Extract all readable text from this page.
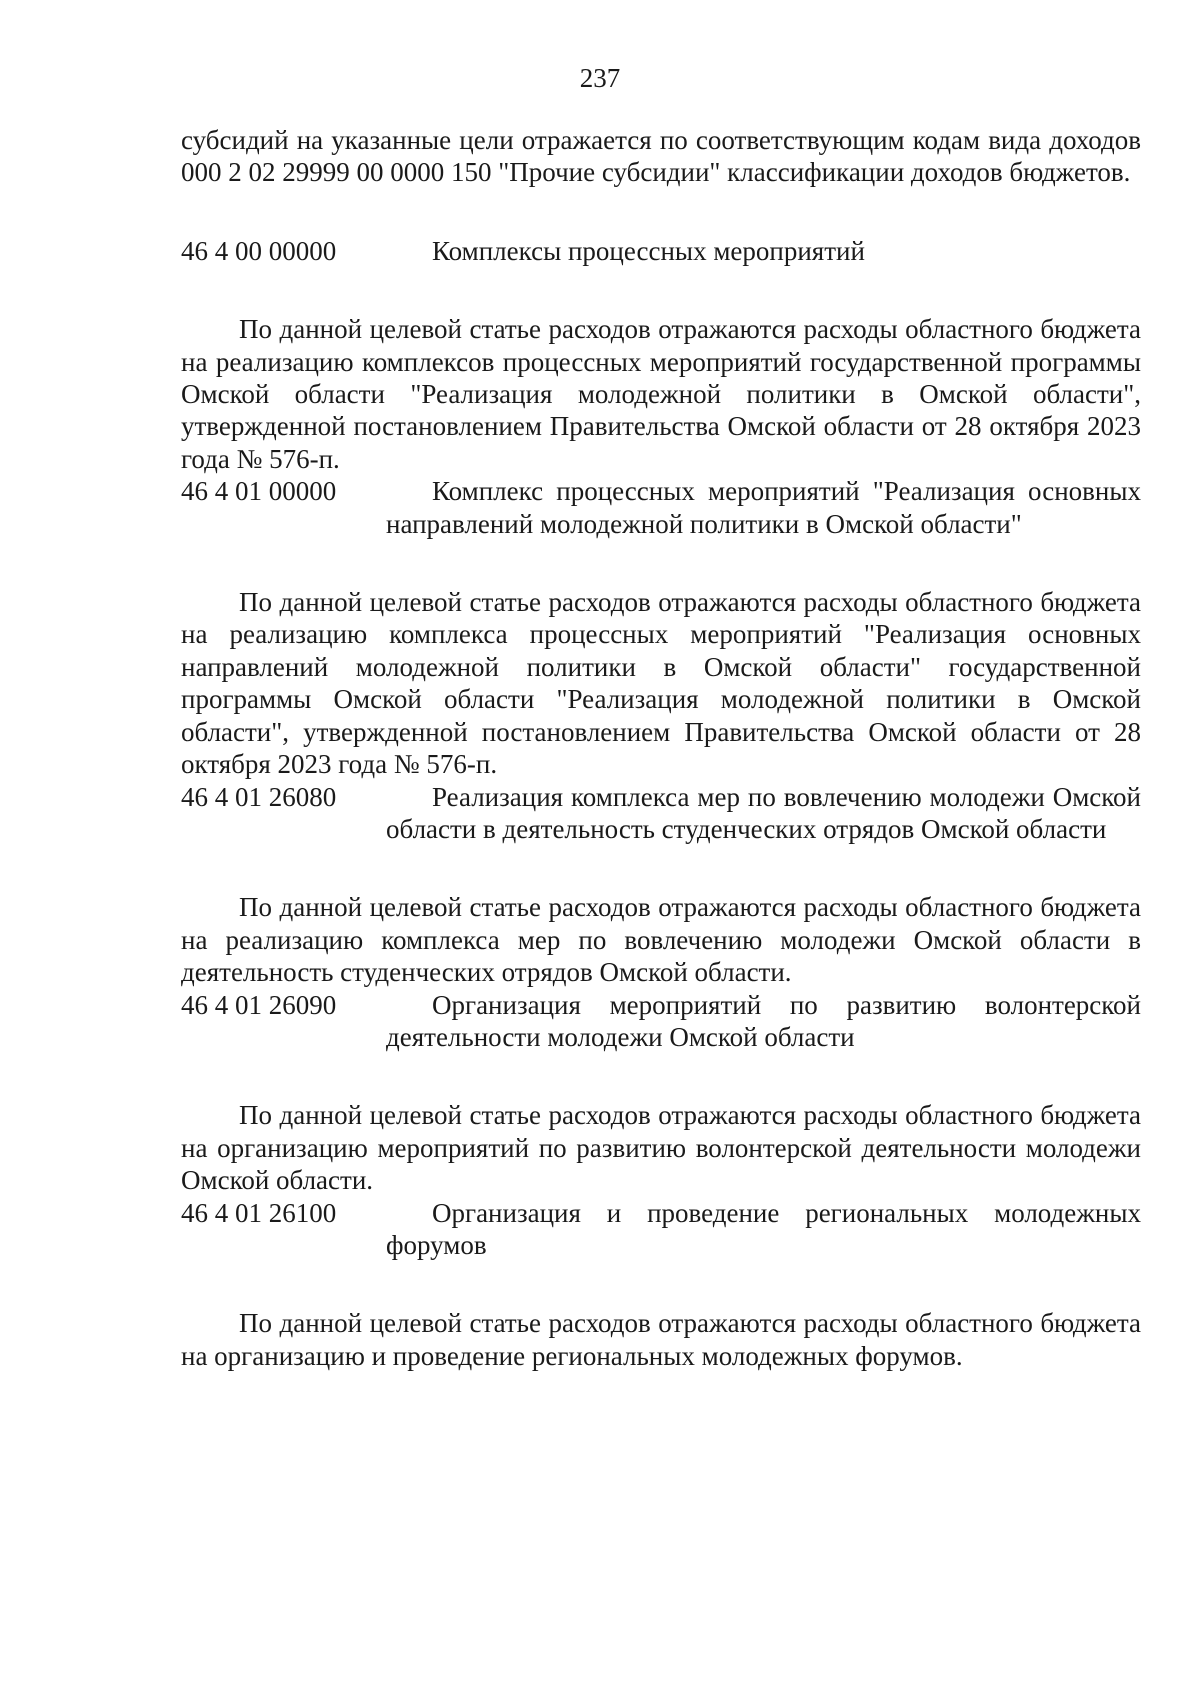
237

субсидий на указанные цели отражается по соответствующим кодам вида доходов 000 2 02 29999 00 0000 150 "Прочие субсидии" классификации доходов бюджетов.

46 4 00 00000	Комплексы процессных мероприятий

По данной целевой статье расходов отражаются расходы областного бюджета на реализацию комплексов процессных мероприятий государственной программы Омской области "Реализация молодежной политики в Омской области", утвержденной постановлением Правительства Омской области от 28 октября 2023 года № 576-п.

46 4 01 00000	Комплекс процессных мероприятий "Реализация основных направлений молодежной политики в Омской области"

По данной целевой статье расходов отражаются расходы областного бюджета на реализацию комплекса процессных мероприятий "Реализация основных направлений молодежной политики в Омской области" государственной программы Омской области "Реализация молодежной политики в Омской области", утвержденной постановлением Правительства Омской области от 28 октября 2023 года № 576-п.

46 4 01 26080	Реализация комплекса мер по вовлечению молодежи Омской области в деятельность студенческих отрядов Омской области

По данной целевой статье расходов отражаются расходы областного бюджета на реализацию комплекса мер по вовлечению молодежи Омской области в деятельность студенческих отрядов Омской области.

46 4 01 26090	Организация мероприятий по развитию волонтерской деятельности молодежи Омской области

По данной целевой статье расходов отражаются расходы областного бюджета на организацию мероприятий по развитию волонтерской деятельности молодежи Омской области.

46 4 01 26100	Организация и проведение региональных молодежных форумов

По данной целевой статье расходов отражаются расходы областного бюджета на организацию и проведение региональных молодежных форумов.
